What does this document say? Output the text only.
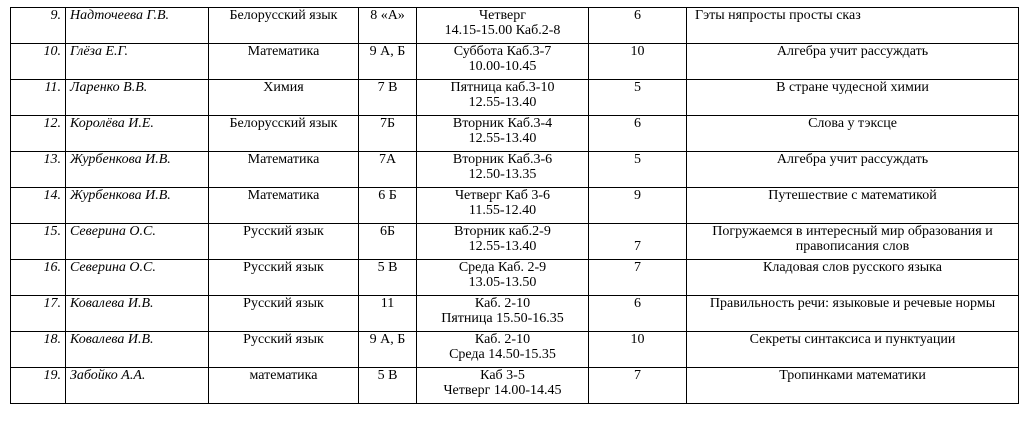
9.	Надточеева Г.В.	Белорусский язык	8 «А»	Четверг
14.15-15.00 Каб.2-8	6	Гэты няпросты просты сказ

10.	Глёза Е.Г.	Математика	9 А, Б	Суббота Каб.3-7
10.00-10.45	10	Алгебра учит рассуждать

11.	Ларенко В.В.	Химия	7 В	Пятница каб.3-10
12.55-13.40	5	В стране чудесной химии

12.	Королёва И.Е.	Белорусский язык	7Б	Вторник Каб.3-4
12.55-13.40	6	Слова у тэксце

13.	Журбенкова И.В.	Математика	7А	Вторник Каб.3-6
12.50-13.35	5	Алгебра учит рассуждать

14.	Журбенкова И.В.	Математика	6 Б	Четверг Каб 3-6
11.55-12.40	9	Путешествие с математикой

15.	Северина О.С.	Русский язык	6Б	Вторник каб.2-9
12.55-13.40	7	Погружаемся в интересный мир образования и
правописания слов

16.	Северина О.С.	Русский язык	5 В	Среда Каб. 2-9
13.05-13.50	7	Кладовая слов русского языка

17.	Ковалева И.В.	Русский язык	11	Каб. 2-10
Пятница 15.50-16.35	6	Правильность речи: языковые и речевые нормы

18.	Ковалева И.В.	Русский язык	9 А, Б	Каб. 2-10
Среда 14.50-15.35	10	Секреты синтаксиса и пунктуации

19.	Забойко А.А.	математика	5 В	Каб 3-5
Четверг 14.00-14.45	7	Тропинками математики
